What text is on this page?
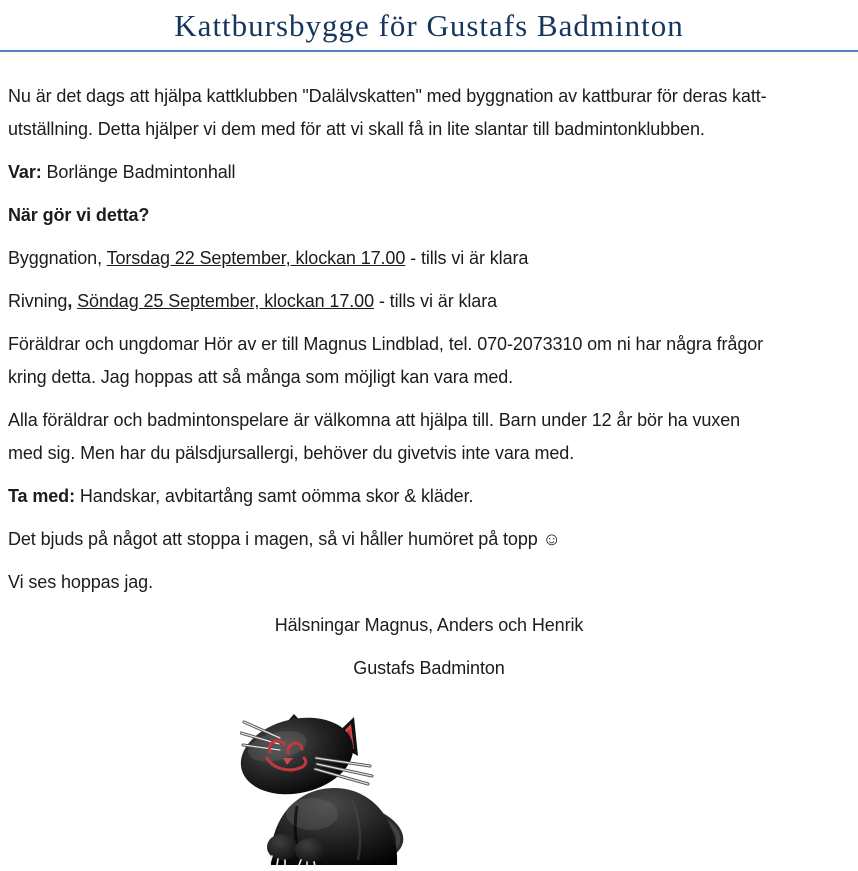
Kattbursbygge för Gustafs Badminton

Nu är det dags att hjälpa kattklubben "Dalälvskatten" med byggnation av kattburar för deras katt-
utställning. Detta hjälper vi dem med för att vi skall få in lite slantar till badmintonklubben.

Var: Borlänge Badmintonhall

När gör vi detta?

Byggnation, Torsdag 22 September, klockan 17.00 - tills vi är klara

Rivning, Söndag 25 September, klockan 17.00 - tills vi är klara

Föräldrar och ungdomar Hör av er till Magnus Lindblad, tel. 070-2073310 om ni har några frågor
kring detta. Jag hoppas att så många som möjligt kan vara med.

Alla föräldrar och badmintonspelare är välkomna att hjälpa till. Barn under 12 år bör ha vuxen
med sig. Men har du pälsdjursallergi, behöver du givetvis inte vara med.

Ta med: Handskar, avbitartång samt oömma skor & kläder.

Det bjuds på något att stoppa i magen, så vi håller humöret på topp ☺

Vi ses hoppas jag.

Hälsningar Magnus, Anders och Henrik

Gustafs Badminton
